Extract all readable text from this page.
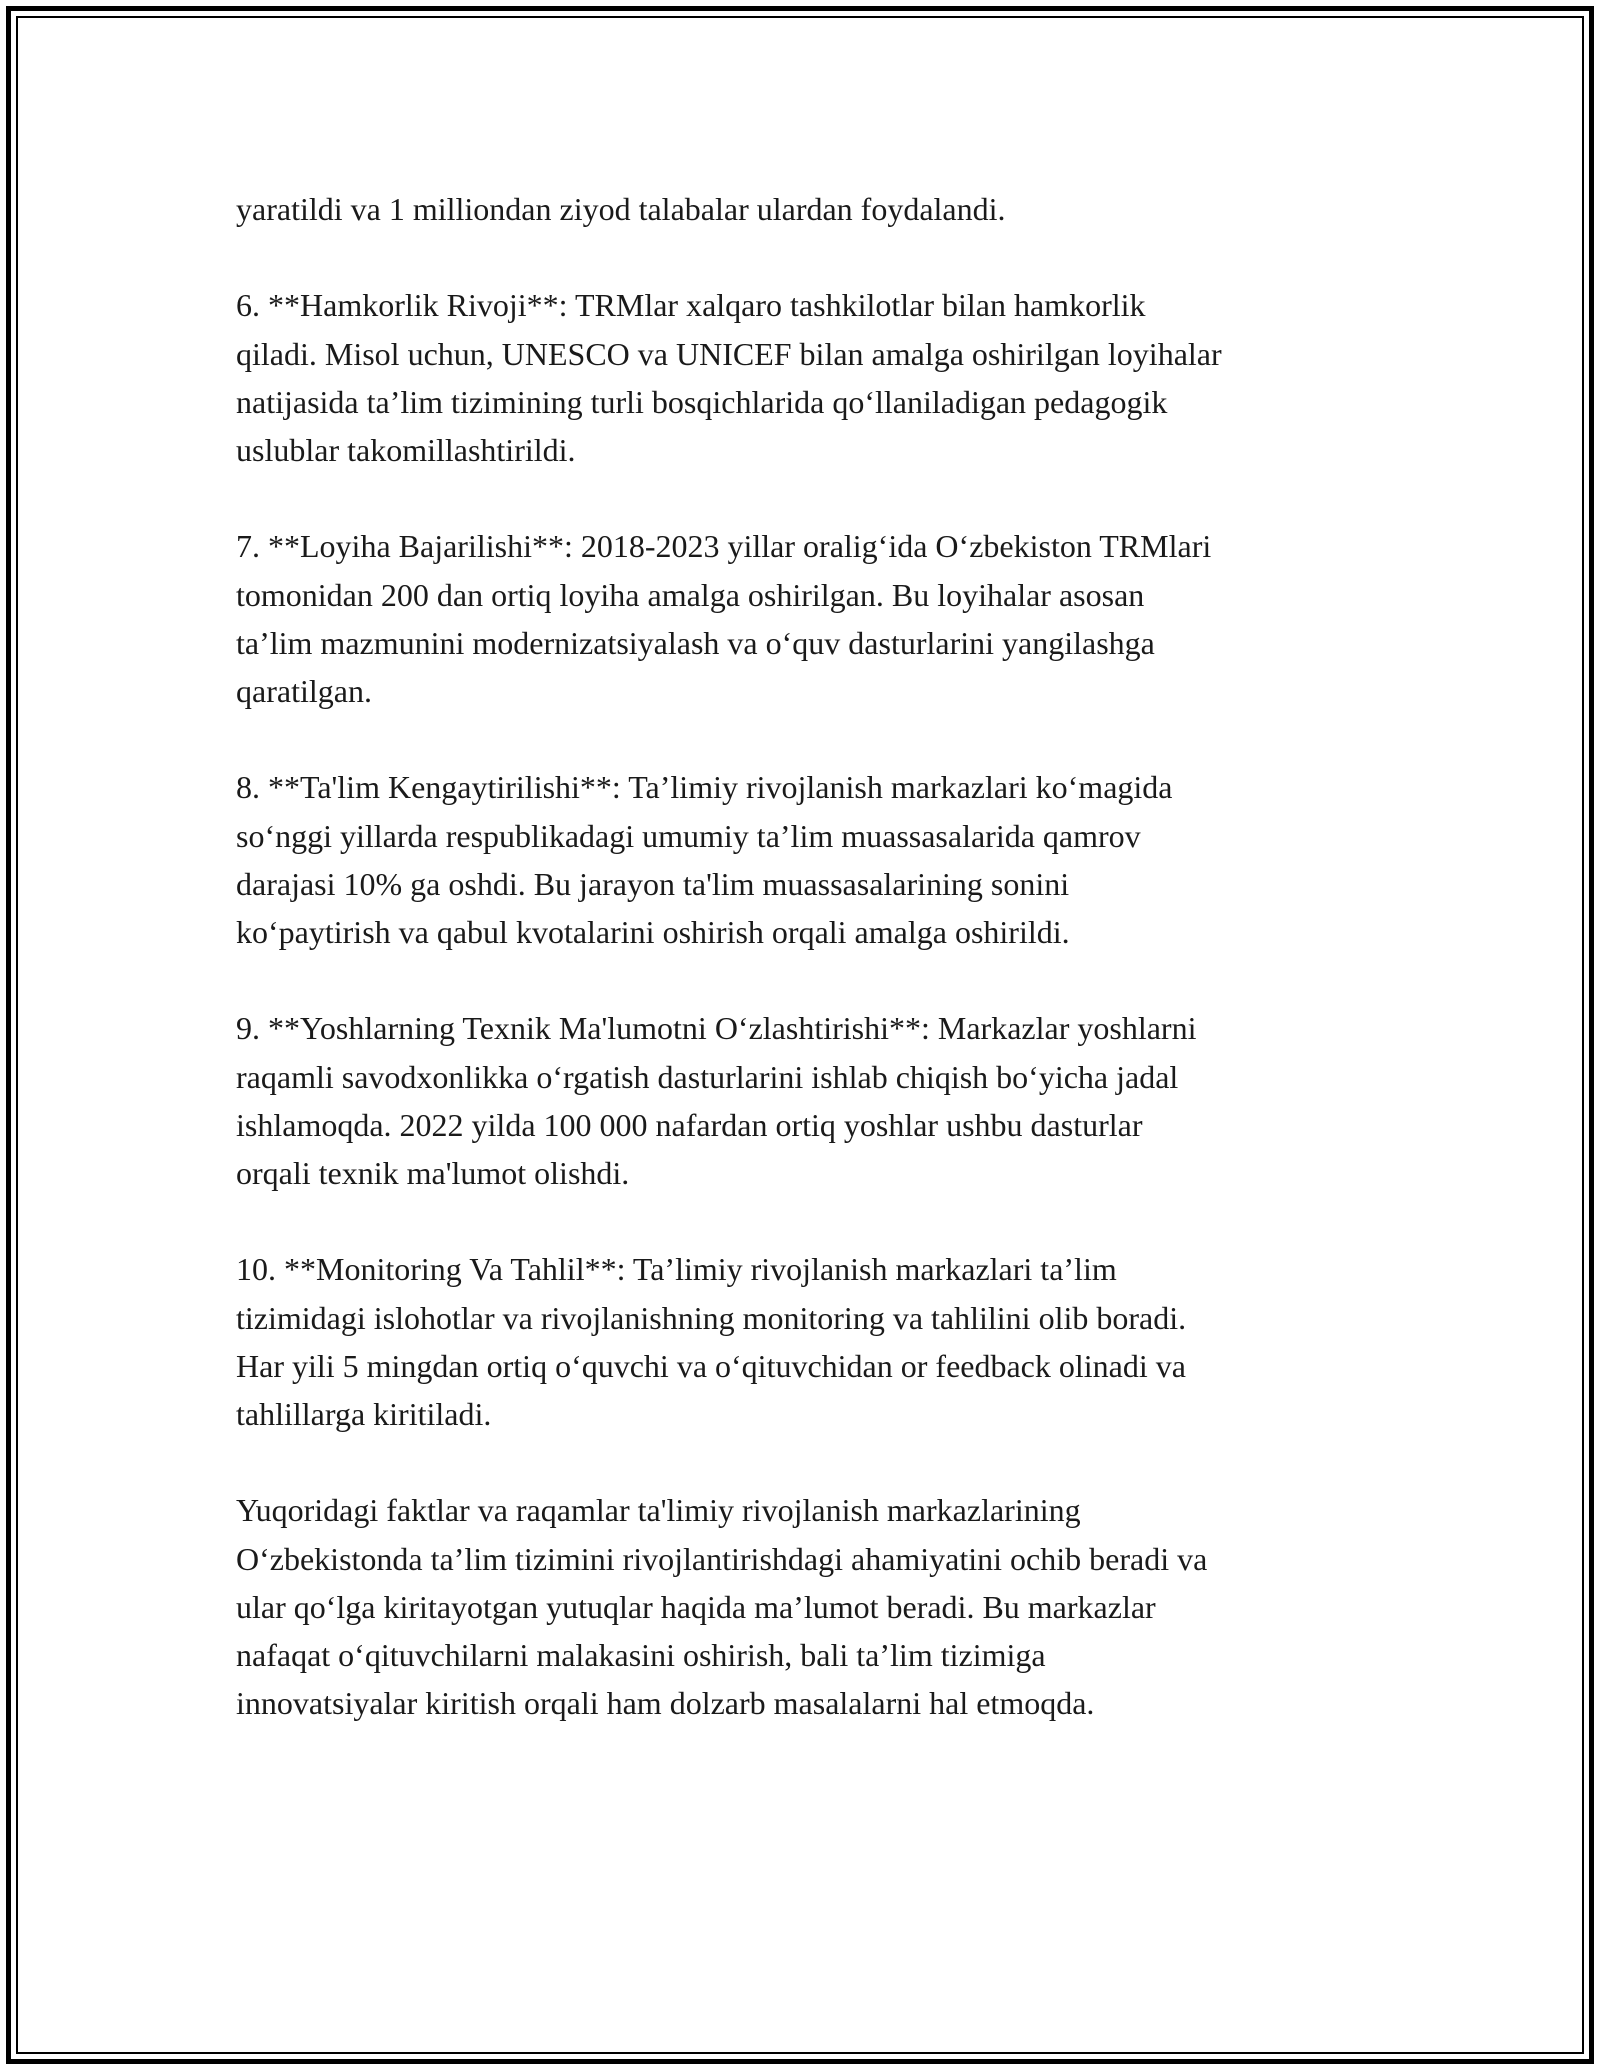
yaratildi va 1 milliondan ziyod talabalar ulardan foydalandi.

6. **Hamkorlik Rivoji**: TRMlar xalqaro tashkilotlar bilan hamkorlik
qiladi. Misol uchun, UNESCO va UNICEF bilan amalga oshirilgan loyihalar
natijasida ta’lim tizimining turli bosqichlarida qo‘llaniladigan pedagogik
uslublar takomillashtirildi.

7. **Loyiha Bajarilishi**: 2018-2023 yillar oralig‘ida O‘zbekiston TRMlari
tomonidan 200 dan ortiq loyiha amalga oshirilgan. Bu loyihalar asosan
ta’lim mazmunini modernizatsiyalash va o‘quv dasturlarini yangilashga
qaratilgan.

8. **Ta'lim Kengaytirilishi**: Ta’limiy rivojlanish markazlari ko‘magida
so‘nggi yillarda respublikadagi umumiy ta’lim muassasalarida qamrov
darajasi 10% ga oshdi. Bu jarayon ta'lim muassasalarining sonini
ko‘paytirish va qabul kvotalarini oshirish orqali amalga oshirildi.

9. **Yoshlarning Texnik Ma'lumotni O‘zlashtirishi**: Markazlar yoshlarni
raqamli savodxonlikka o‘rgatish dasturlarini ishlab chiqish bo‘yicha jadal
ishlamoqda. 2022 yilda 100 000 nafardan ortiq yoshlar ushbu dasturlar
orqali texnik ma'lumot olishdi.

10. **Monitoring Va Tahlil**: Ta’limiy rivojlanish markazlari ta’lim
tizimidagi islohotlar va rivojlanishning monitoring va tahlilini olib boradi.
Har yili 5 mingdan ortiq o‘quvchi va o‘qituvchidan or feedback olinadi va
tahlillarga kiritiladi.

Yuqoridagi faktlar va raqamlar ta'limiy rivojlanish markazlarining
O‘zbekistonda ta’lim tizimini rivojlantirishdagi ahamiyatini ochib beradi va
ular qo‘lga kiritayotgan yutuqlar haqida ma’lumot beradi. Bu markazlar
nafaqat o‘qituvchilarni malakasini oshirish, bali ta’lim tizimiga
innovatsiyalar kiritish orqali ham dolzarb masalalarni hal etmoqda.
